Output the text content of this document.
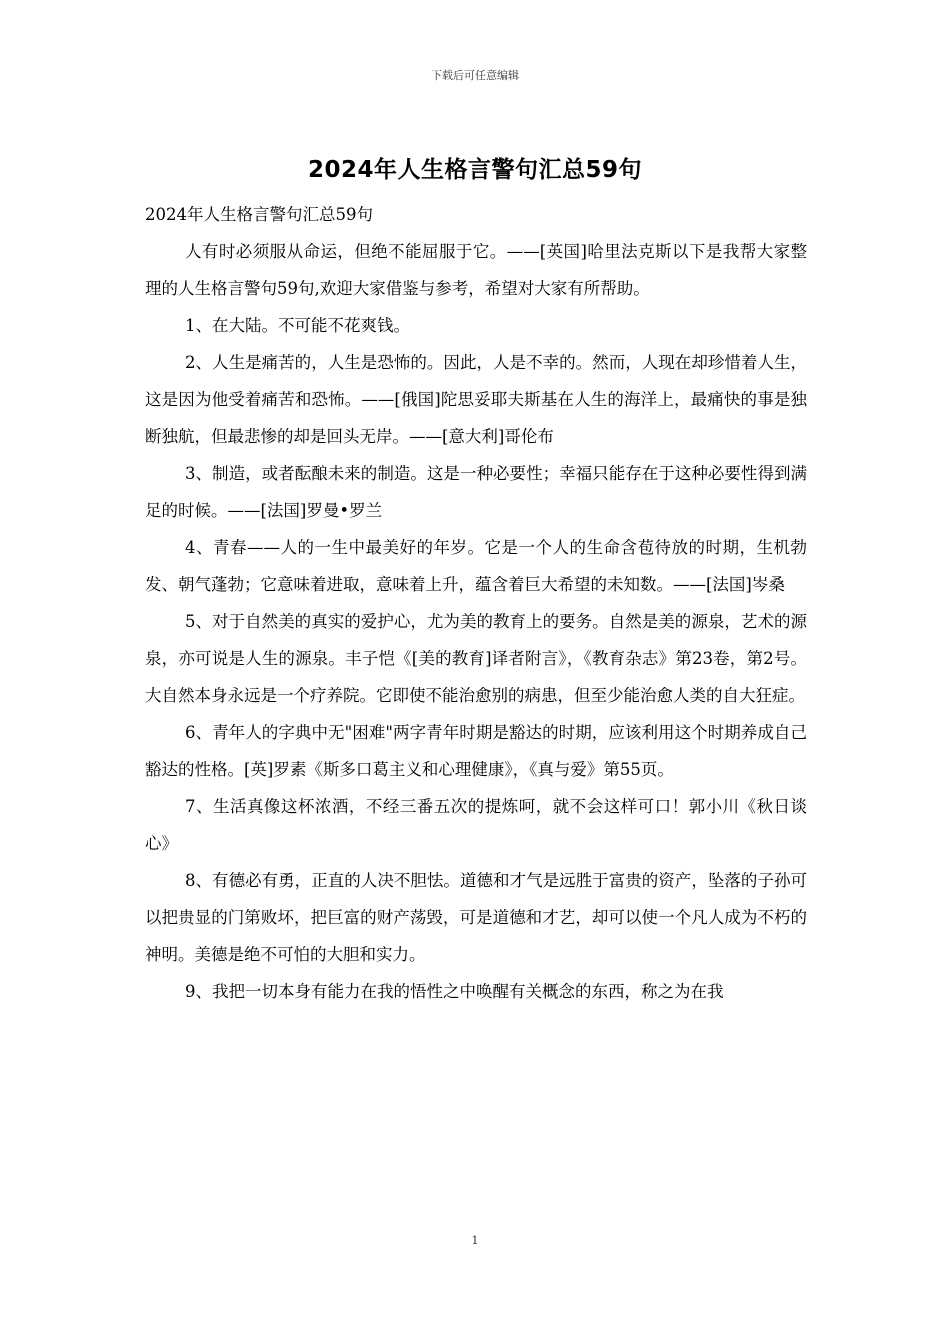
下载后可任意编辑
2024年人生格言警句汇总59句

2024年人生格言警句汇总59句

人有时必须服从命运，但绝不能屈服于它。——[英国]哈里法克斯以下是我帮大家整理的人生格言警句59句,欢迎大家借鉴与参考，希望对大家有所帮助。

1、在大陆。不可能不花爽钱。

2、人生是痛苦的，人生是恐怖的。因此，人是不幸的。然而，人现在却珍惜着人生，这是因为他受着痛苦和恐怖。——[俄国]陀思妥耶夫斯基在人生的海洋上，最痛快的事是独断独航，但最悲惨的却是回头无岸。——[意大利]哥伦布

3、制造，或者酝酿未来的制造。这是一种必要性；幸福只能存在于这种必要性得到满足的时候。——[法国]罗曼•罗兰

4、青春——人的一生中最美好的年岁。它是一个人的生命含苞待放的时期，生机勃发、朝气蓬勃；它意味着进取，意味着上升，蕴含着巨大希望的未知数。——[法国]岑桑

5、对于自然美的真实的爱护心，尤为美的教育上的要务。自然是美的源泉，艺术的源泉，亦可说是人生的源泉。丰子恺《[美的教育]译者附言》，《教育杂志》第23卷，第2号。大自然本身永远是一个疗养院。它即使不能治愈别的病患，但至少能治愈人类的自大狂症。

6、青年人的字典中无"困难"两字青年时期是豁达的时期，应该利用这个时期养成自己豁达的性格。[英]罗素《斯多口葛主义和心理健康》，《真与爱》第55页。

7、生活真像这杯浓酒，不经三番五次的提炼呵，就不会这样可口！郭小川《秋日谈心》

8、有德必有勇，正直的人决不胆怯。道德和才气是远胜于富贵的资产，坠落的子孙可以把贵显的门第败坏，把巨富的财产荡毁，可是道德和才艺，却可以使一个凡人成为不朽的神明。美德是绝不可怕的大胆和实力。

9、我把一切本身有能力在我的悟性之中唤醒有关概念的东西，称之为在我

1
